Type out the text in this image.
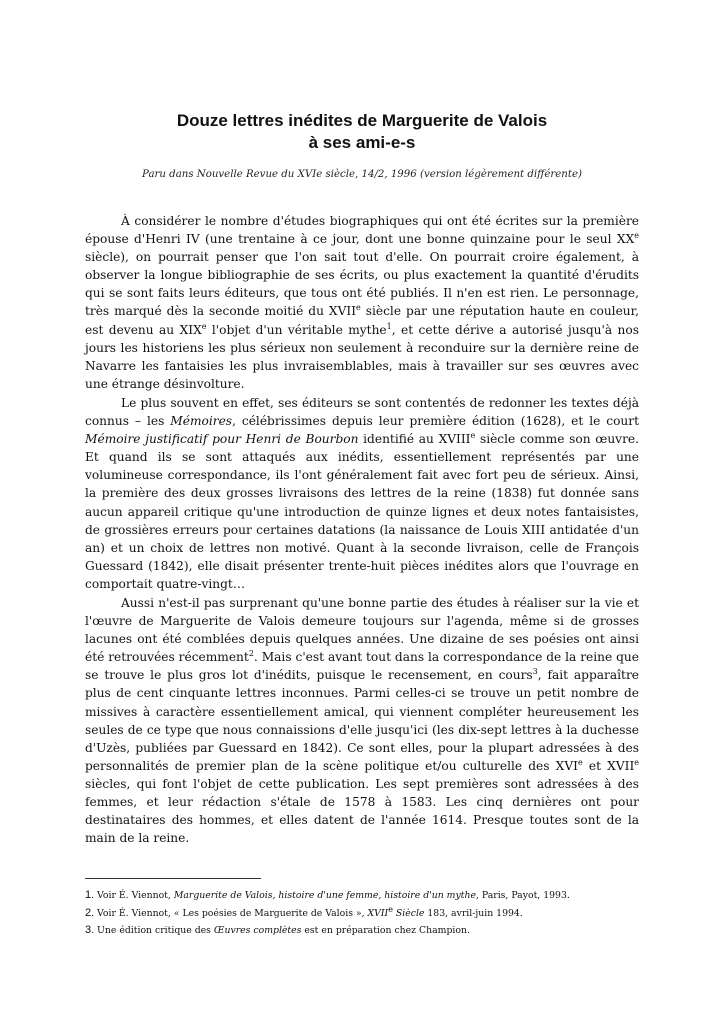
Douze lettres inédites de Marguerite de Valois
à ses ami-e-s

Paru dans Nouvelle Revue du XVIe siècle, 14/2, 1996 (version légèrement différente)

À considérer le nombre d'études biographiques qui ont été écrites sur la première épouse d'Henri IV (une trentaine à ce jour, dont une bonne quinzaine pour le seul XXe siècle), on pourrait penser que l'on sait tout d'elle. On pourrait croire également, à observer la longue bibliographie de ses écrits, ou plus exactement la quantité d'érudits qui se sont faits leurs éditeurs, que tous ont été publiés. Il n'en est rien. Le personnage, très marqué dès la seconde moitié du XVIIe siècle par une réputation haute en couleur, est devenu au XIXe l'objet d'un véritable mythe$^1$, et cette dérive a autorisé jusqu'à nos jours les historiens les plus sérieux non seulement à reconduire sur la dernière reine de Navarre les fantaisies les plus invraisemblables, mais à travailler sur ses œuvres avec une étrange désinvolture.

Le plus souvent en effet, ses éditeurs se sont contentés de redonner les textes déjà connus – les Mémoires, célébrissimes depuis leur première édition (1628), et le court Mémoire justificatif pour Henri de Bourbon identifié au XVIIIe siècle comme son œuvre. Et quand ils se sont attaqués aux inédits, essentiellement représentés par une volumineuse correspondance, ils l'ont généralement fait avec fort peu de sérieux. Ainsi, la première des deux grosses livraisons des lettres de la reine (1838) fut donnée sans aucun appareil critique qu'une introduction de quinze lignes et deux notes fantaisistes, de grossières erreurs pour certaines datations (la naissance de Louis XIII antidatée d'un an) et un choix de lettres non motivé. Quant à la seconde livraison, celle de François Guessard (1842), elle disait présenter trente-huit pièces inédites alors que l'ouvrage en comportait quatre-vingt…

Aussi n'est-il pas surprenant qu'une bonne partie des études à réaliser sur la vie et l'œuvre de Marguerite de Valois demeure toujours sur l'agenda, même si de grosses lacunes ont été comblées depuis quelques années. Une dizaine de ses poésies ont ainsi été retrouvées récemment$^2$. Mais c'est avant tout dans la correspondance de la reine que se trouve le plus gros lot d'inédits, puisque le recensement, en cours$^3$, fait apparaître plus de cent cinquante lettres inconnues. Parmi celles-ci se trouve un petit nombre de missives à caractère essentiellement amical, qui viennent compléter heureusement les seules de ce type que nous connaissions d'elle jusqu'ici (les dix-sept lettres à la duchesse d'Uzès, publiées par Guessard en 1842). Ce sont elles, pour la plupart adressées à des personnalités de premier plan de la scène politique et/ou culturelle des XVIe et XVIIe siècles, qui font l'objet de cette publication. Les sept premières sont adressées à des femmes, et leur rédaction s'étale de 1578 à 1583. Les cinq dernières ont pour destinataires des hommes, et elles datent de l'année 1614. Presque toutes sont de la main de la reine.

1. Voir É. Viennot, Marguerite de Valois, histoire d'une femme, histoire d'un mythe, Paris, Payot, 1993.
2. Voir É. Viennot, « Les poésies de Marguerite de Valois », XVIIe Siècle 183, avril-juin 1994.
3. Une édition critique des Œuvres complètes est en préparation chez Champion.
